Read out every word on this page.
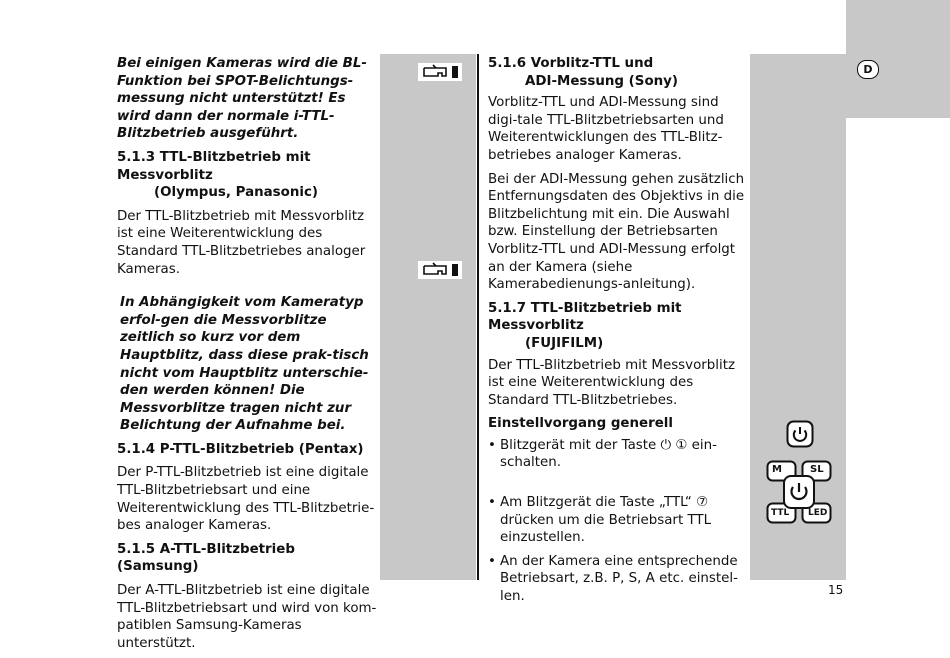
D

Bei einigen Kameras wird die BL-Funktion bei SPOT-Belichtungs-messung nicht unterstützt! Es wird dann der normale i-TTL-Blitzbetrieb ausgeführt.

5.1.3 TTL-Blitzbetrieb mit Messvorblitz
(Olympus, Panasonic)

Der TTL-Blitzbetrieb mit Messvorblitz ist eine Weiterentwicklung des Standard TTL-Blitzbetriebes analoger Kameras.

In Abhängigkeit vom Kameratyp erfol-gen die Messvorblitze zeitlich so kurz vor dem Hauptblitz, dass diese prak-tisch nicht vom Hauptblitz unterschie-den werden können! Die Messvorblitze tragen nicht zur Belichtung der Aufnahme bei.

5.1.4 P-TTL-Blitzbetrieb (Pentax)

Der P-TTL-Blitzbetrieb ist eine digitale TTL-Blitzbetriebsart und eine Weiterentwicklung des TTL-Blitzbetrie-bes analoger Kameras.

5.1.5 A-TTL-Blitzbetrieb (Samsung)

Der A-TTL-Blitzbetrieb ist eine digitale TTL-Blitzbetriebsart und wird von kom-patiblen Samsung-Kameras unterstützt.

5.1.6 Vorblitz-TTL und
ADI-Messung (Sony)

Vorblitz-TTL und ADI-Messung sind digi-tale TTL-Blitzbetriebsarten und Weiterentwicklungen des TTL-Blitz-betriebes analoger Kameras.

Bei der ADI-Messung gehen zusätzlich Entfernungsdaten des Objektivs in die Blitzbelichtung mit ein. Die Auswahl bzw. Einstellung der Betriebsarten Vorblitz-TTL und ADI-Messung erfolgt an der Kamera (siehe Kamerabedienungs-anleitung).

5.1.7 TTL-Blitzbetrieb mit Messvorblitz
(FUJIFILM)

Der TTL-Blitzbetrieb mit Messvorblitz ist eine Weiterentwicklung des Standard TTL-Blitzbetriebes.

Einstellvorgang generell

• Blitzgerät mit der Taste ⏻ ① ein-schalten.

• Am Blitzgerät die Taste „TTL“ ⑦ drücken um die Betriebsart TTL einzustellen.

• An der Kamera eine entsprechende Betriebsart, z.B. P, S, A etc. einstel-len.

M	SL
TTL LED
15
